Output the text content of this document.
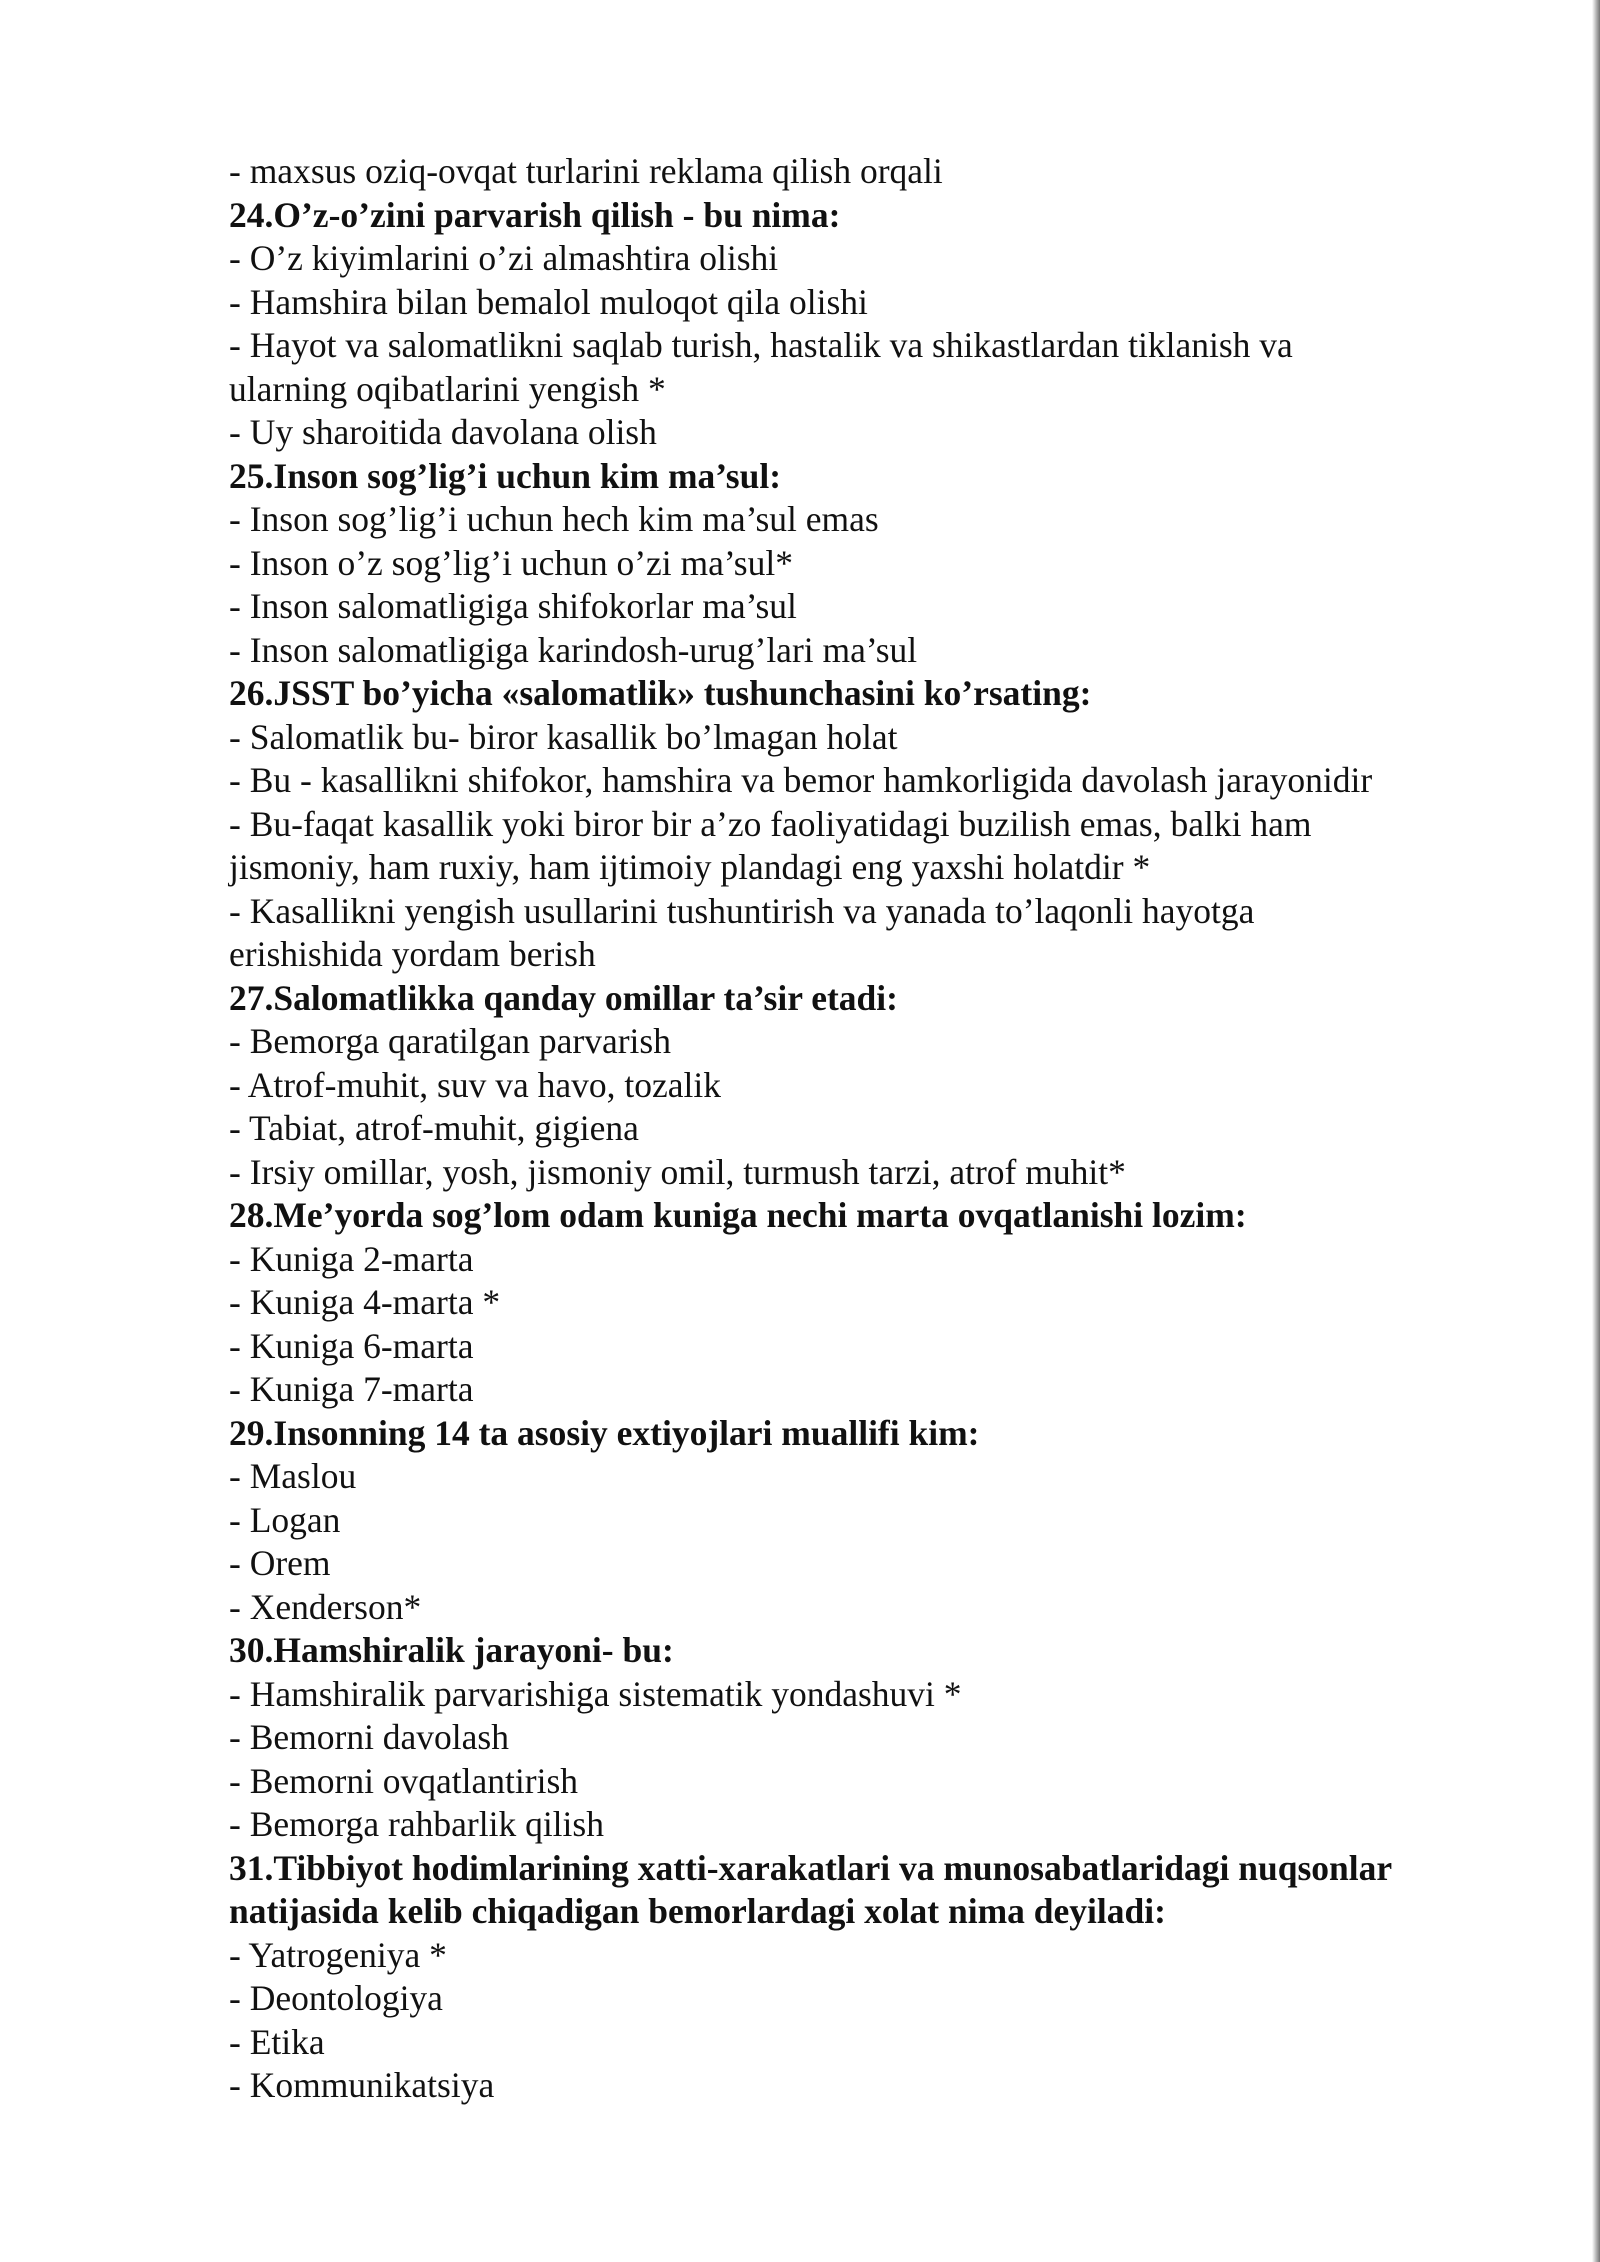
- maxsus oziq-ovqat turlarini reklama qilish orqali
24.O’z-o’zini parvarish qilish - bu nima:
- O’z kiyimlarini o’zi almashtira olishi
- Hamshira bilan bemalol muloqot qila olishi
- Hayot va salomatlikni saqlab turish, hastalik va shikastlardan tiklanish va
ularning oqibatlarini yengish *
- Uy sharoitida davolana olish
25.Inson sog’lig’i uchun kim ma’sul:
- Inson sog’lig’i uchun hech kim ma’sul emas
- Inson o’z sog’lig’i uchun o’zi ma’sul*
- Inson salomatligiga shifokorlar ma’sul
- Inson salomatligiga karindosh-urug’lari ma’sul
26.JSST bo’yicha «salomatlik» tushunchasini ko’rsating:
- Salomatlik bu- biror kasallik bo’lmagan holat
- Bu - kasallikni shifokor, hamshira va bemor hamkorligida davolash jarayonidir
- Bu-faqat kasallik yoki biror bir a’zo faoliyatidagi buzilish emas, balki ham
jismoniy, ham ruxiy, ham ijtimoiy plandagi eng yaxshi holatdir *
- Kasallikni yengish usullarini tushuntirish va yanada to’laqonli hayotga
erishishida yordam berish
27.Salomatlikka qanday omillar ta’sir etadi:
- Bemorga qaratilgan parvarish
- Atrof-muhit, suv va havo, tozalik
- Tabiat, atrof-muhit, gigiena
- Irsiy omillar, yosh, jismoniy omil, turmush tarzi, atrof muhit*
28.Me’yorda sog’lom odam kuniga nechi marta ovqatlanishi lozim:
- Kuniga 2-marta
- Kuniga 4-marta *
- Kuniga 6-marta
- Kuniga 7-marta
29.Insonning 14 ta asosiy extiyojlari muallifi kim:
- Maslou
- Logan
- Orem
- Xenderson*
30.Hamshiralik jarayoni- bu:
- Hamshiralik parvarishiga sistematik yondashuvi *
- Bemorni davolash
- Bemorni ovqatlantirish
- Bemorga rahbarlik qilish
31.Tibbiyot hodimlarining xatti-xarakatlari va munosabatlaridagi nuqsonlar
natijasida kelib chiqadigan bemorlardagi xolat nima deyiladi:
- Yatrogeniya *
- Deontologiya
- Etika
- Kommunikatsiya
